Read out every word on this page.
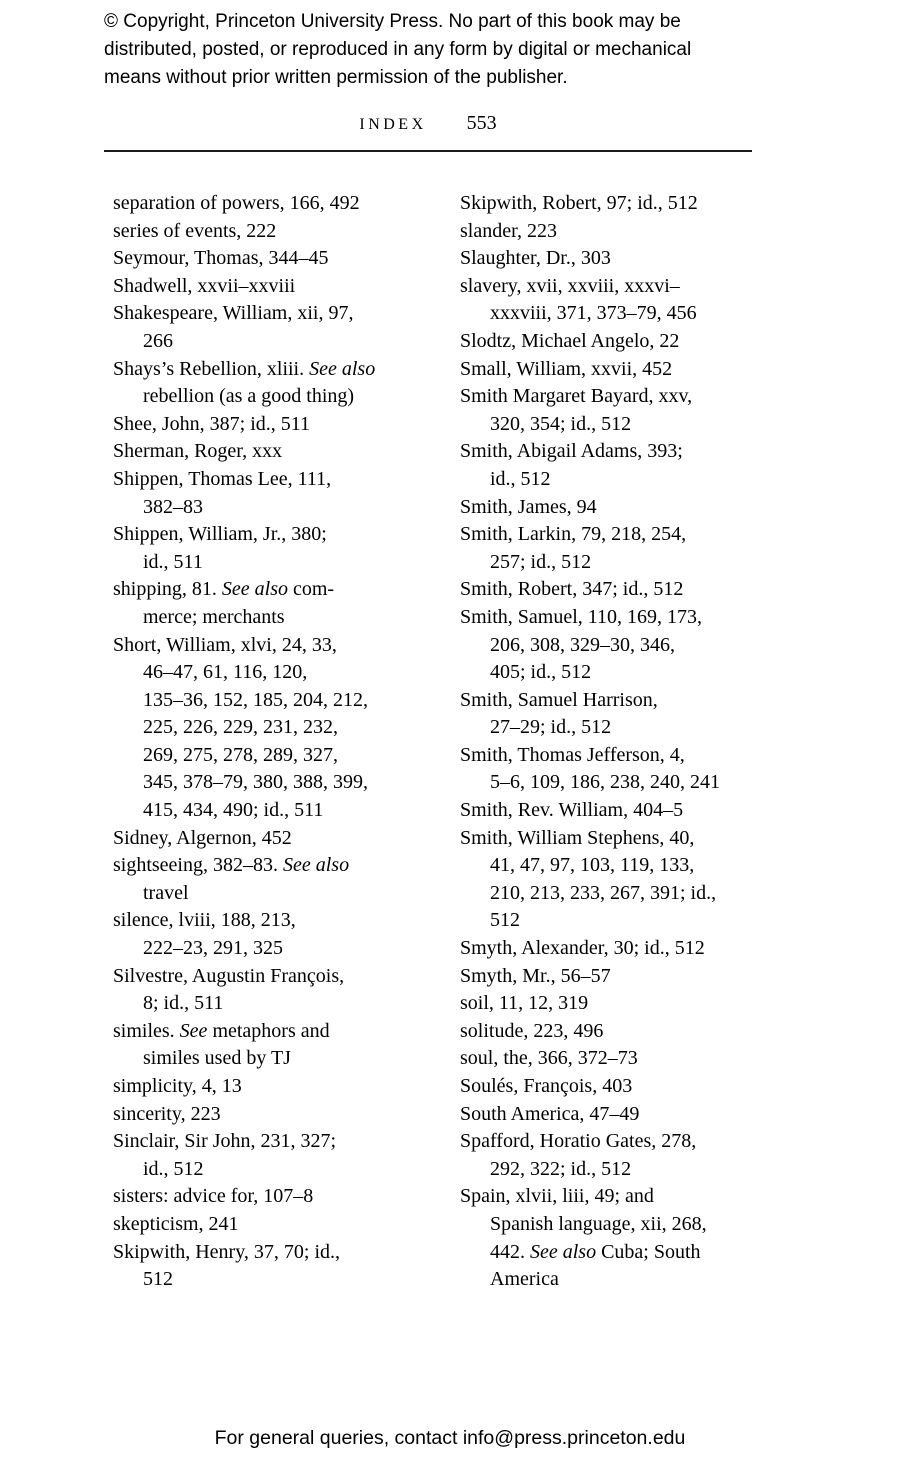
© Copyright, Princeton University Press. No part of this book may be
distributed, posted, or reproduced in any form by digital or mechanical
means without prior written permission of the publisher.
INDEX 553
separation of powers, 166, 492
series of events, 222
Seymour, Thomas, 344–45
Shadwell, xxvii–xxviii
Shakespeare, William, xii, 97,
266
Shays’s Rebellion, xliii. See also
rebellion (as a good thing)
Shee, John, 387; id., 511
Sherman, Roger, xxx
Shippen, Thomas Lee, 111,
382–83
Shippen, William, Jr., 380;
id., 511
shipping, 81. See also com-
merce; merchants
Short, William, xlvi, 24, 33,
46–47, 61, 116, 120,
135–36, 152, 185, 204, 212,
225, 226, 229, 231, 232,
269, 275, 278, 289, 327,
345, 378–79, 380, 388, 399,
415, 434, 490; id., 511
Sidney, Algernon, 452
sightseeing, 382–83. See also
travel
silence, lviii, 188, 213,
222–23, 291, 325
Silvestre, Augustin François,
8; id., 511
similes. See metaphors and
similes used by TJ
simplicity, 4, 13
sincerity, 223
Sinclair, Sir John, 231, 327;
id., 512
sisters: advice for, 107–8
skepticism, 241
Skipwith, Henry, 37, 70; id.,
512
Skipwith, Robert, 97; id., 512
slander, 223
Slaughter, Dr., 303
slavery, xvii, xxviii, xxxvi–
xxxviii, 371, 373–79, 456
Slodtz, Michael Angelo, 22
Small, William, xxvii, 452
Smith Margaret Bayard, xxv,
320, 354; id., 512
Smith, Abigail Adams, 393;
id., 512
Smith, James, 94
Smith, Larkin, 79, 218, 254,
257; id., 512
Smith, Robert, 347; id., 512
Smith, Samuel, 110, 169, 173,
206, 308, 329–30, 346,
405; id., 512
Smith, Samuel Harrison,
27–29; id., 512
Smith, Thomas Jefferson, 4,
5–6, 109, 186, 238, 240, 241
Smith, Rev. William, 404–5
Smith, William Stephens, 40,
41, 47, 97, 103, 119, 133,
210, 213, 233, 267, 391; id.,
512
Smyth, Alexander, 30; id., 512
Smyth, Mr., 56–57
soil, 11, 12, 319
solitude, 223, 496
soul, the, 366, 372–73
Soulés, François, 403
South America, 47–49
Spafford, Horatio Gates, 278,
292, 322; id., 512
Spain, xlvii, liii, 49; and
Spanish language, xii, 268,
442. See also Cuba; South
America
For general queries, contact info@press.princeton.edu
